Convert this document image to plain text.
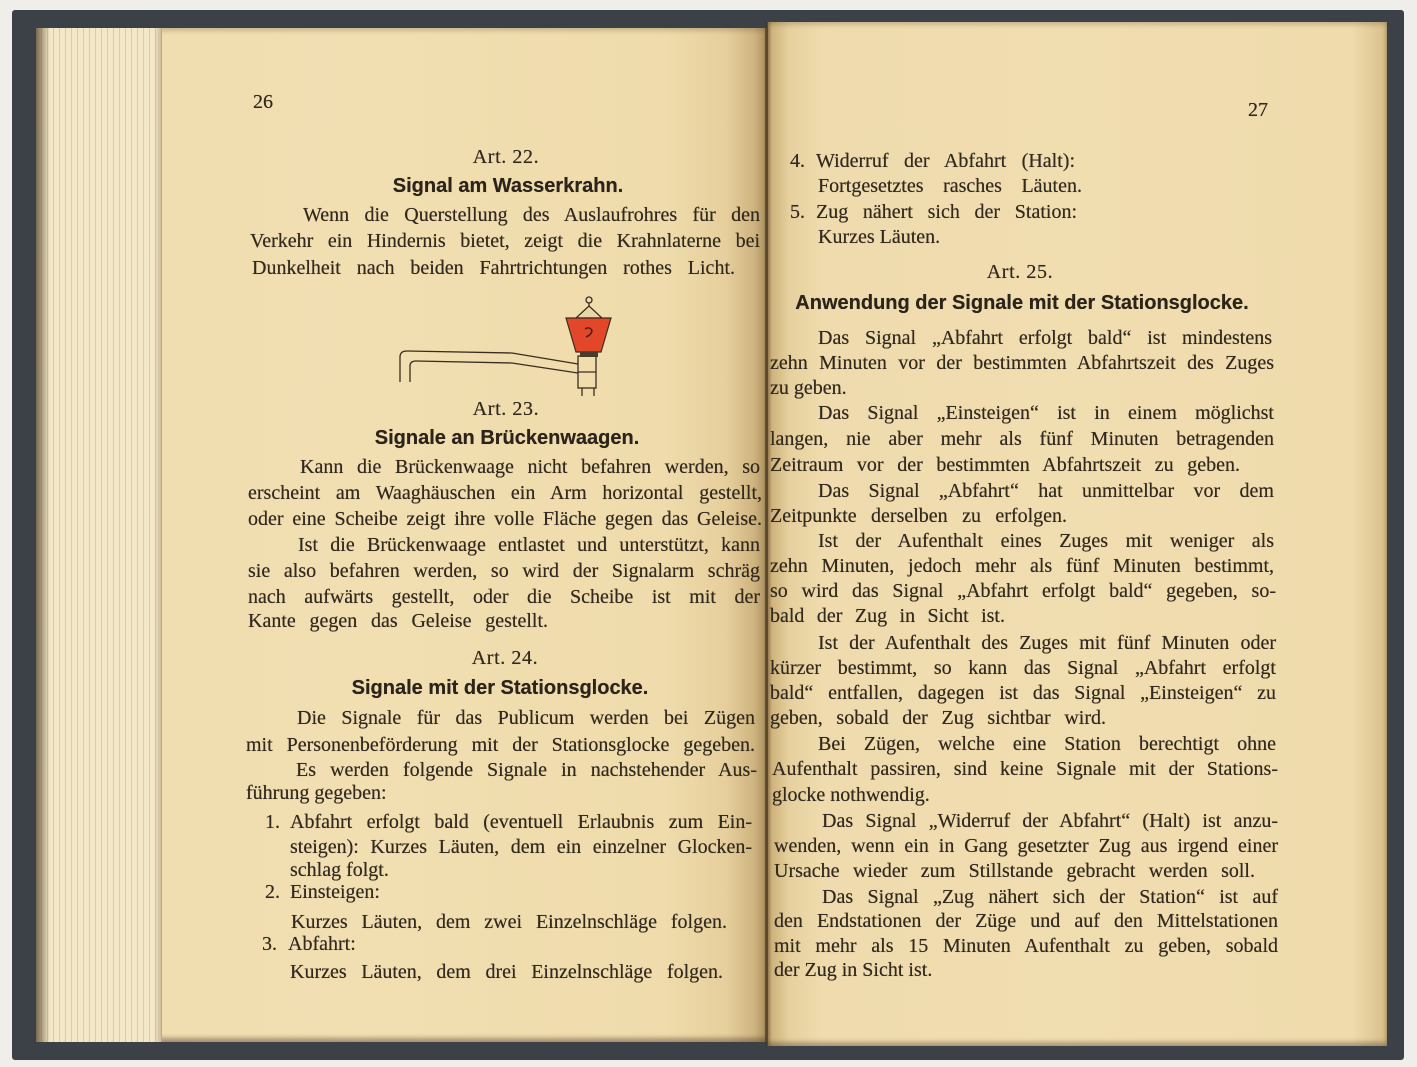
26
Art. 22.
Signal am Wasserkrahn.
Wenn die Querstellung des Auslaufrohres für den
Verkehr ein Hindernis bietet, zeigt die Krahnlaterne bei
Dunkelheit nach beiden Fahrtrichtungen rothes Licht.
Art. 23.
Signale an Brückenwaagen.
Kann die Brückenwaage nicht befahren werden, so
erscheint am Waaghäuschen ein Arm horizontal gestellt,
oder eine Scheibe zeigt ihre volle Fläche gegen das Geleise.
Ist die Brückenwaage entlastet und unterstützt, kann
sie also befahren werden, so wird der Signalarm schräg
nach aufwärts gestellt, oder die Scheibe ist mit der
Kante gegen das Geleise gestellt.
Art. 24.
Signale mit der Stationsglocke.
Die Signale für das Publicum werden bei Zügen
mit Personenbeförderung mit der Stationsglocke gegeben.
Es werden folgende Signale in nachstehender Aus-
führung gegeben:
1. Abfahrt erfolgt bald (eventuell Erlaubnis zum Ein-
steigen): Kurzes Läuten, dem ein einzelner Glocken-
schlag folgt.
2. Einsteigen:
Kurzes Läuten, dem zwei Einzelnschläge folgen.
3. Abfahrt:
Kurzes Läuten, dem drei Einzelnschläge folgen.
27
4. Widerruf der Abfahrt (Halt):
Fortgesetztes rasches Läuten.
5. Zug nähert sich der Station:
Kurzes Läuten.
Art. 25.
Anwendung der Signale mit der Stationsglocke.
Das Signal „Abfahrt erfolgt bald“ ist mindestens
zehn Minuten vor der bestimmten Abfahrtszeit des Zuges
zu geben.
Das Signal „Einsteigen“ ist in einem möglichst
langen, nie aber mehr als fünf Minuten betragenden
Zeitraum vor der bestimmten Abfahrtszeit zu geben.
Das Signal „Abfahrt“ hat unmittelbar vor dem
Zeitpunkte derselben zu erfolgen.
Ist der Aufenthalt eines Zuges mit weniger als
zehn Minuten, jedoch mehr als fünf Minuten bestimmt,
so wird das Signal „Abfahrt erfolgt bald“ gegeben, so-
bald der Zug in Sicht ist.
Ist der Aufenthalt des Zuges mit fünf Minuten oder
kürzer bestimmt, so kann das Signal „Abfahrt erfolgt
bald“ entfallen, dagegen ist das Signal „Einsteigen“ zu
geben, sobald der Zug sichtbar wird.
Bei Zügen, welche eine Station berechtigt ohne
Aufenthalt passiren, sind keine Signale mit der Stations-
glocke nothwendig.
Das Signal „Widerruf der Abfahrt“ (Halt) ist anzu-
wenden, wenn ein in Gang gesetzter Zug aus irgend einer
Ursache wieder zum Stillstande gebracht werden soll.
Das Signal „Zug nähert sich der Station“ ist auf
den Endstationen der Züge und auf den Mittelstationen
mit mehr als 15 Minuten Aufenthalt zu geben, sobald
der Zug in Sicht ist.
